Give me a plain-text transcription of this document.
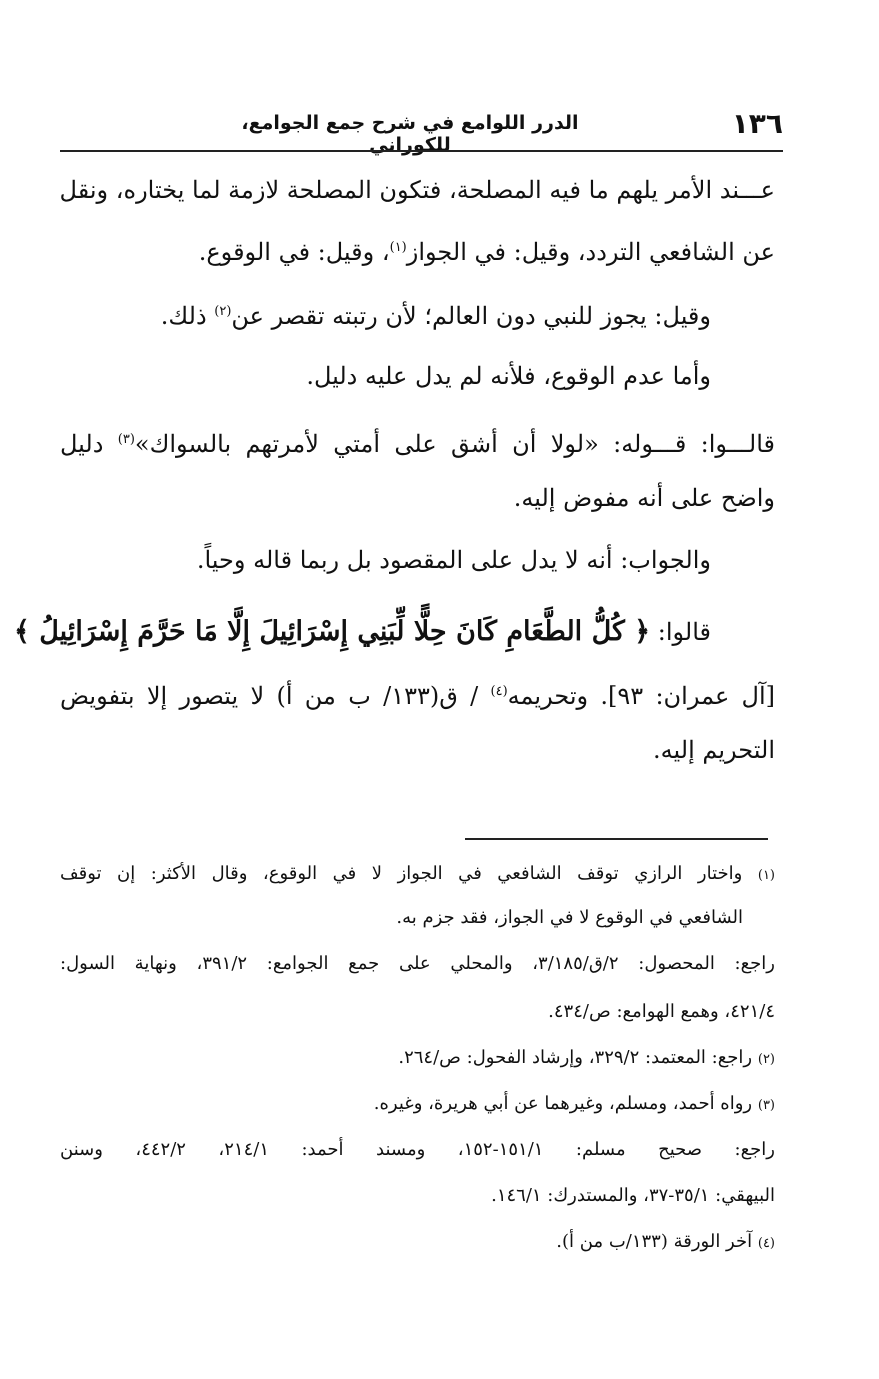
١٣٦
الدرر اللوامع في شرح جمع الجوامع، للكوراني
عـــند الأمر يلهم ما فيه المصلحة، فتكون المصلحة لازمة لما يختاره، ونقل
عن الشافعي التردد، وقيل: في الجواز$^{(١)}$، وقيل: في الوقوع.
وقيل: يجوز للنبي دون العالم؛ لأن رتبته تقصر عن$^{(٢)}$ ذلك.
وأما عدم الوقوع، فلأنه لم يدل عليه دليل.
قالـــوا: قـــوله: «لولا أن أشق على أمتي لأمرتهم بالسواك»$^{(٣)}$ دليل
واضح على أنه مفوض إليه.
والجواب: أنه لا يدل على المقصود بل ربما قاله وحياً.
قالوا: ﴿ كُلُّ الطَّعَامِ كَانَ حِلًّا لِّبَنِي إِسْرَائِيلَ إِلَّا مَا حَرَّمَ إِسْرَائِيلُ ﴾
[آل عمران: ٩٣]. وتحريمه$^{(٤)}$ / ق(١٣٣/ ب من أ) لا يتصور إلا بتفويض
التحريم إليه.
(١) واختار الرازي توقف الشافعي في الجواز لا في الوقوع، وقال الأكثر: إن توقف
الشافعي في الوقوع لا في الجواز، فقد جزم به.
راجع: المحصول: ٢/ق/٣/١٨٥، والمحلي على جمع الجوامع: ٣٩١/٢، ونهاية السول:
٤٢١/٤، وهمع الهوامع: ص/٤٣٤.
(٢) راجع: المعتمد: ٣٢٩/٢، وإرشاد الفحول: ص/٢٦٤.
(٣) رواه أحمد، ومسلم، وغيرهما عن أبي هريرة، وغيره.
راجع: صحيح مسلم: ١٥١/١-١٥٢، ومسند أحمد: ٢١٤/١، ٤٤٢/٢، وسنن
البيهقي: ٣٥/١-٣٧، والمستدرك: ١٤٦/١.
(٤) آخر الورقة (١٣٣/ب من أ).
